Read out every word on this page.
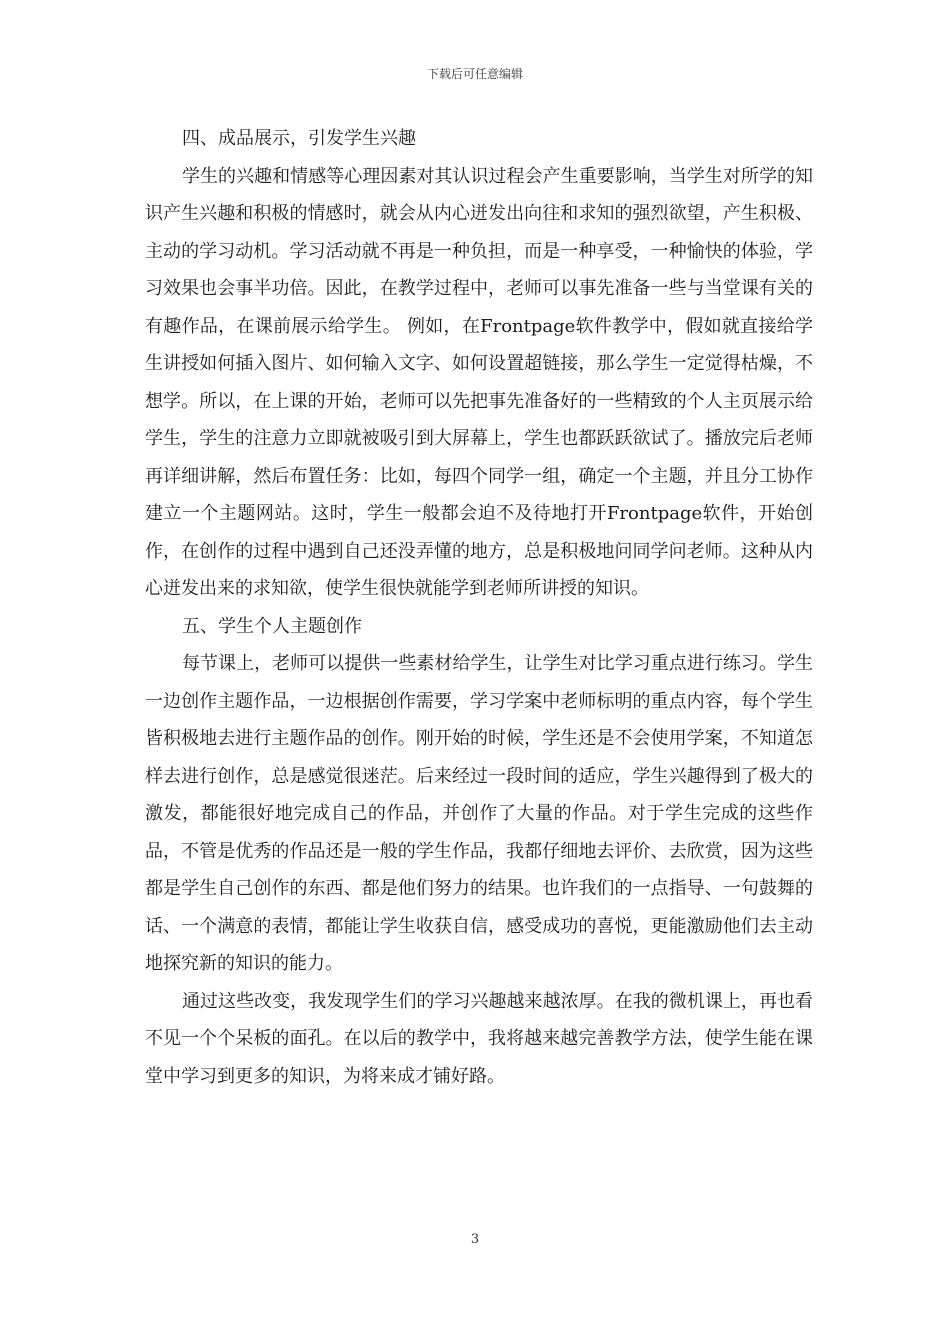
下载后可任意编辑

四、成品展示，引发学生兴趣

学生的兴趣和情感等心理因素对其认识过程会产生重要影响，当学生对所学的知识产生兴趣和积极的情感时，就会从内心迸发出向往和求知的强烈欲望，产生积极、主动的学习动机。学习活动就不再是一种负担，而是一种享受，一种愉快的体验，学习效果也会事半功倍。因此，在教学过程中，老师可以事先准备一些与当堂课有关的有趣作品，在课前展示给学生。 例如，在Frontpage软件教学中，假如就直接给学生讲授如何插入图片、如何输入文字、如何设置超链接，那么学生一定觉得枯燥，不想学。所以，在上课的开始，老师可以先把事先准备好的一些精致的个人主页展示给学生，学生的注意力立即就被吸引到大屏幕上，学生也都跃跃欲试了。播放完后老师再详细讲解，然后布置任务：比如，每四个同学一组，确定一个主题，并且分工协作建立一个主题网站。这时，学生一般都会迫不及待地打开Frontpage软件，开始创作，在创作的过程中遇到自己还没弄懂的地方，总是积极地问同学问老师。这种从内心迸发出来的求知欲，使学生很快就能学到老师所讲授的知识。

五、学生个人主题创作

每节课上，老师可以提供一些素材给学生，让学生对比学习重点进行练习。学生一边创作主题作品，一边根据创作需要，学习学案中老师标明的重点内容，每个学生皆积极地去进行主题作品的创作。刚开始的时候，学生还是不会使用学案，不知道怎样去进行创作，总是感觉很迷茫。后来经过一段时间的适应，学生兴趣得到了极大的激发，都能很好地完成自己的作品，并创作了大量的作品。对于学生完成的这些作品，不管是优秀的作品还是一般的学生作品，我都仔细地去评价、去欣赏，因为这些都是学生自己创作的东西、都是他们努力的结果。也许我们的一点指导、一句鼓舞的话、一个满意的表情，都能让学生收获自信，感受成功的喜悦，更能激励他们去主动地探究新的知识的能力。

通过这些改变，我发现学生们的学习兴趣越来越浓厚。在我的微机课上，再也看不见一个个呆板的面孔。在以后的教学中，我将越来越完善教学方法，使学生能在课堂中学习到更多的知识，为将来成才铺好路。

3
